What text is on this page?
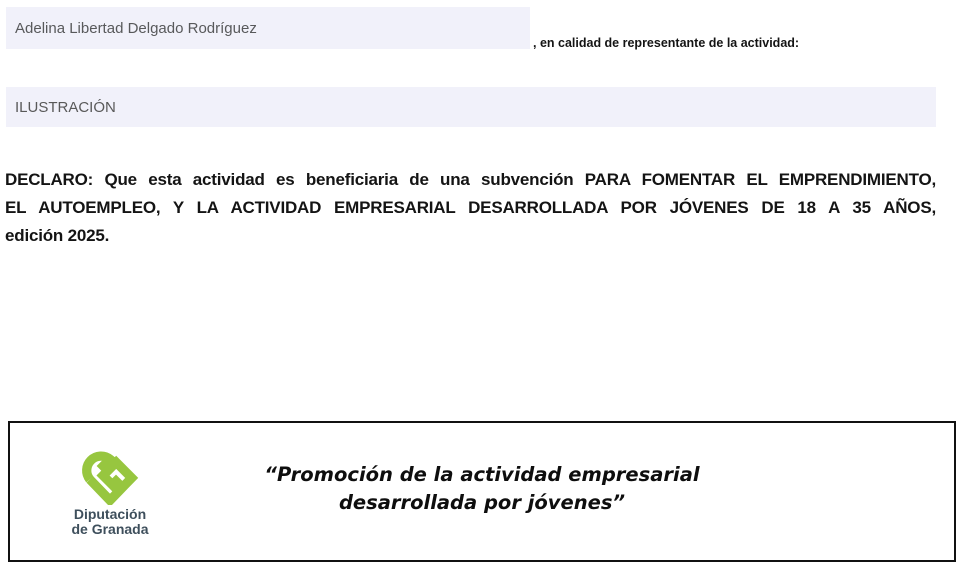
Adelina Libertad Delgado Rodríguez
, en calidad de representante de la actividad:
ILUSTRACIÓN
DECLARO: Que esta actividad es beneficiaria de una subvención PARA FOMENTAR EL EMPRENDIMIENTO,
EL AUTOEMPLEO, Y LA ACTIVIDAD EMPRESARIAL DESARROLLADA POR JÓVENES DE 18 A 35 AÑOS,
edición 2025.
Diputación
de Granada
“Promoción de la actividad empresarial
desarrollada por jóvenes”
